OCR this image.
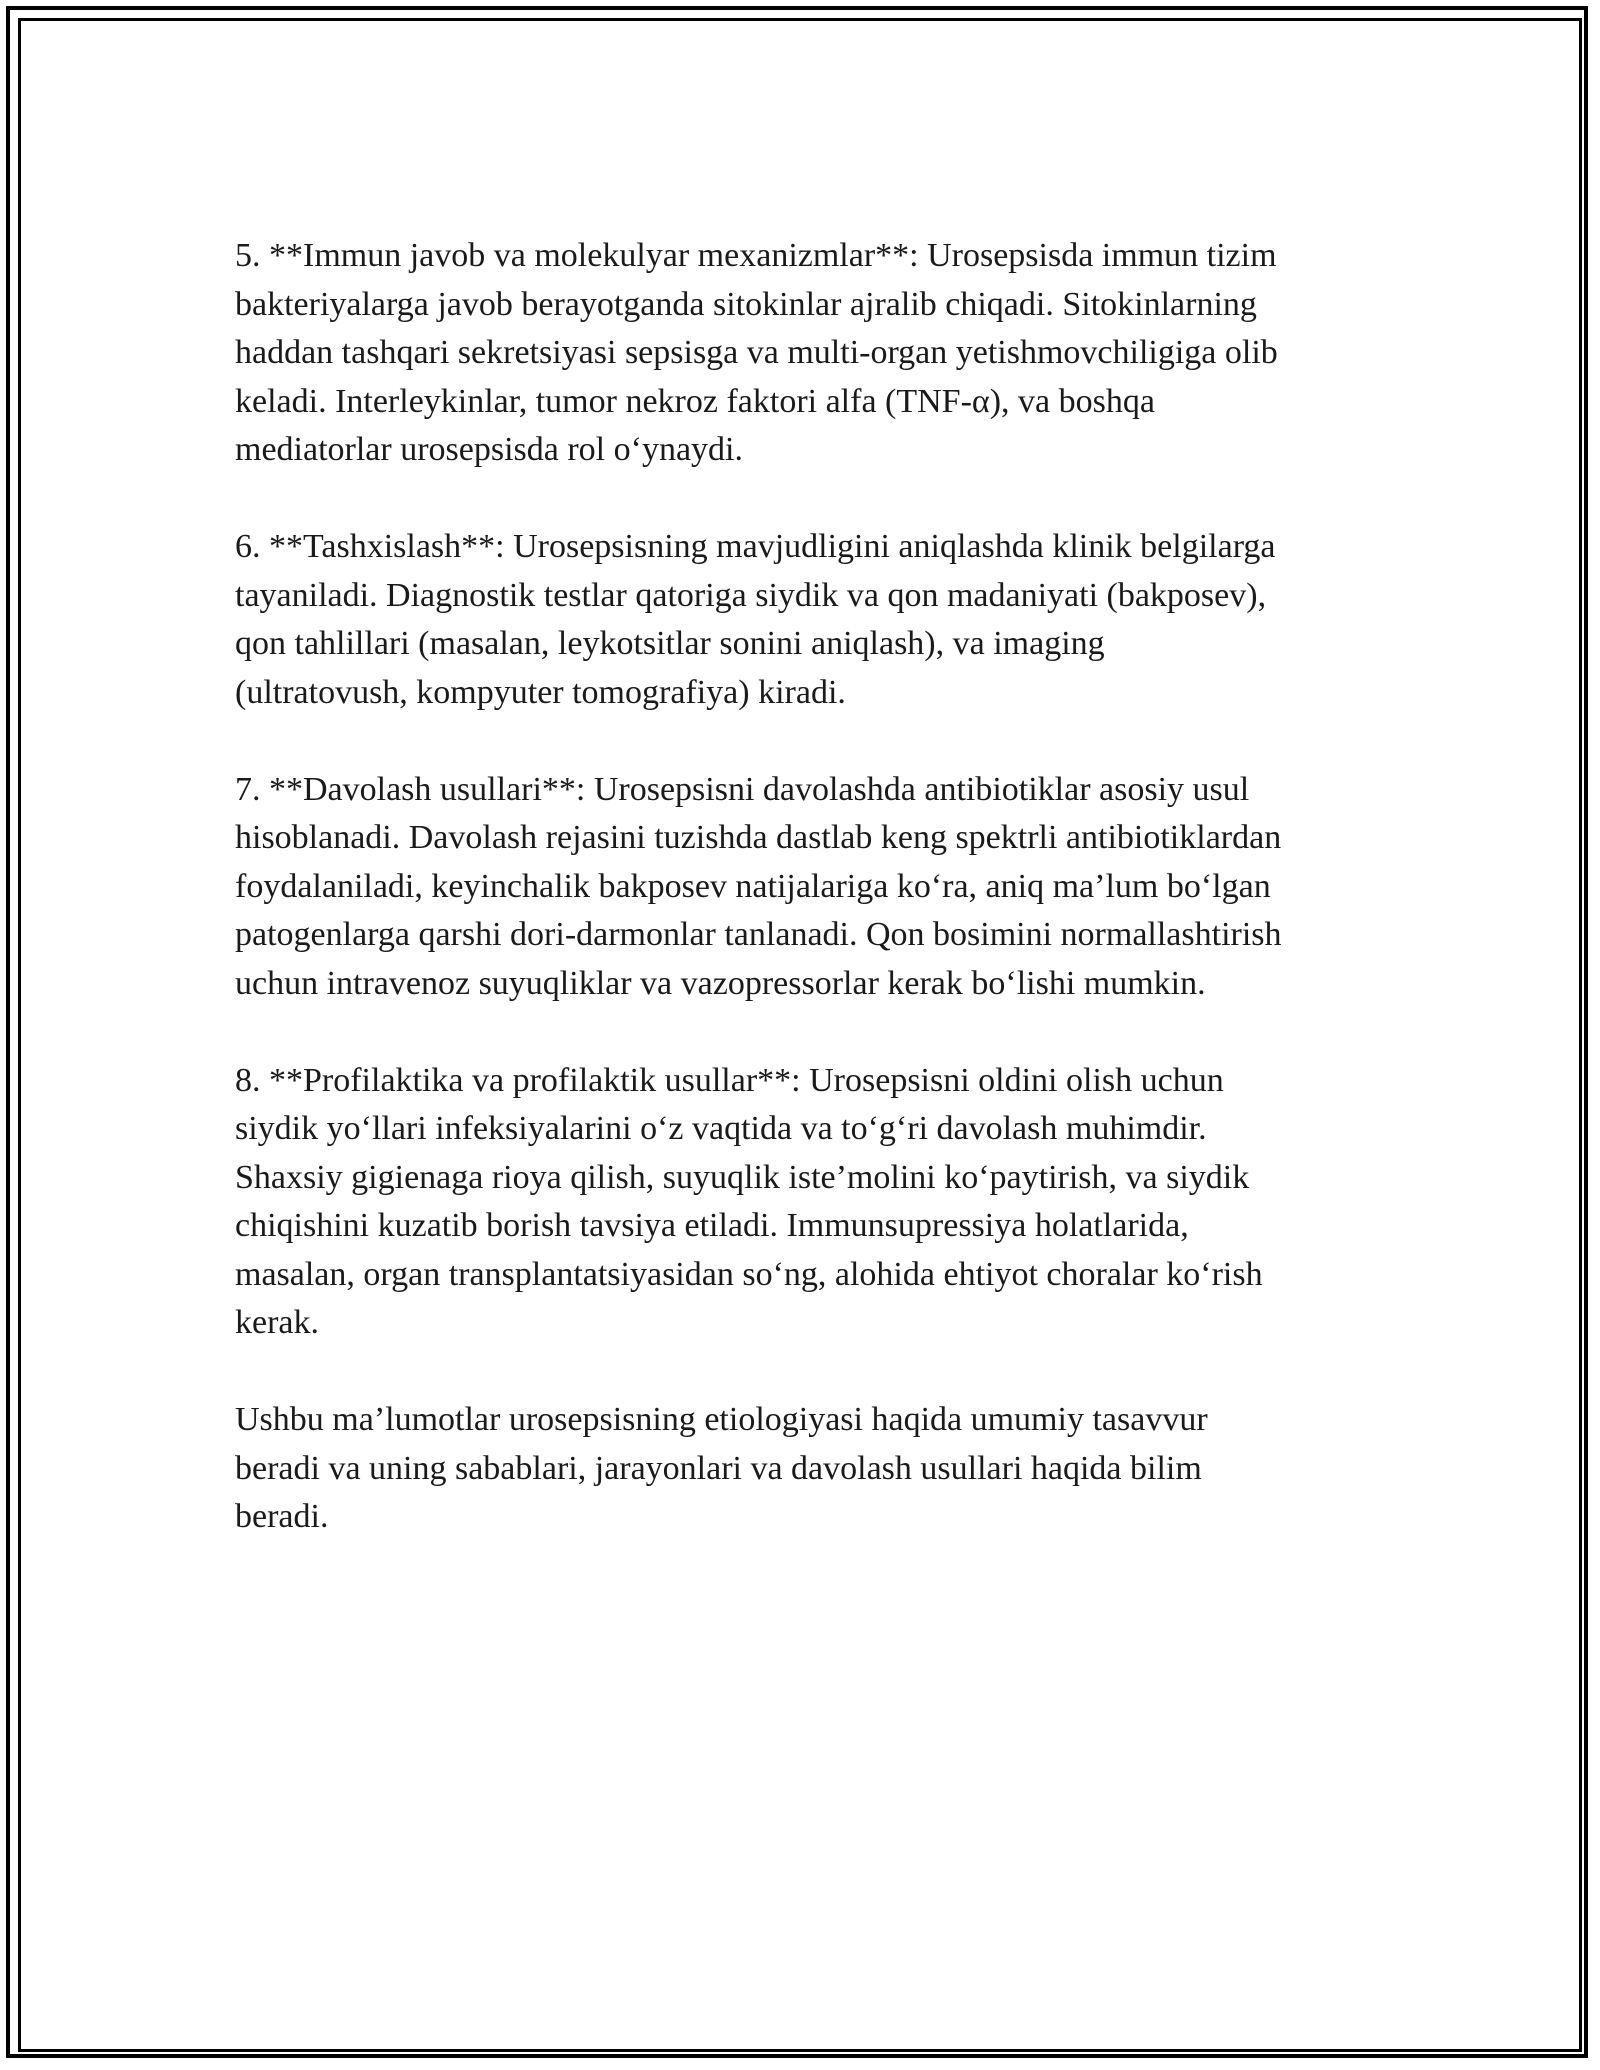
5. **Immun javob va molekulyar mexanizmlar**: Urosepsisda immun tizim
bakteriyalarga javob berayotganda sitokinlar ajralib chiqadi. Sitokinlarning
haddan tashqari sekretsiyasi sepsisga va multi-organ yetishmovchiligiga olib
keladi. Interleykinlar, tumor nekroz faktori alfa (TNF-α), va boshqa
mediatorlar urosepsisda rol o‘ynaydi.

6. **Tashxislash**: Urosepsisning mavjudligini aniqlashda klinik belgilarga
tayaniladi. Diagnostik testlar qatoriga siydik va qon madaniyati (bakposev),
qon tahlillari (masalan, leykotsitlar sonini aniqlash), va imaging
(ultratovush, kompyuter tomografiya) kiradi.

7. **Davolash usullari**: Urosepsisni davolashda antibiotiklar asosiy usul
hisoblanadi. Davolash rejasini tuzishda dastlab keng spektrli antibiotiklardan
foydalaniladi, keyinchalik bakposev natijalariga ko‘ra, aniq ma’lum bo‘lgan
patogenlarga qarshi dori-darmonlar tanlanadi. Qon bosimini normallashtirish
uchun intravenoz suyuqliklar va vazopressorlar kerak bo‘lishi mumkin.

8. **Profilaktika va profilaktik usullar**: Urosepsisni oldini olish uchun
siydik yo‘llari infeksiyalarini o‘z vaqtida va to‘g‘ri davolash muhimdir.
Shaxsiy gigienaga rioya qilish, suyuqlik iste’molini ko‘paytirish, va siydik
chiqishini kuzatib borish tavsiya etiladi. Immunsupressiya holatlarida,
masalan, organ transplantatsiyasidan so‘ng, alohida ehtiyot choralar ko‘rish
kerak.

Ushbu ma’lumotlar urosepsisning etiologiyasi haqida umumiy tasavvur
beradi va uning sabablari, jarayonlari va davolash usullari haqida bilim
beradi.
